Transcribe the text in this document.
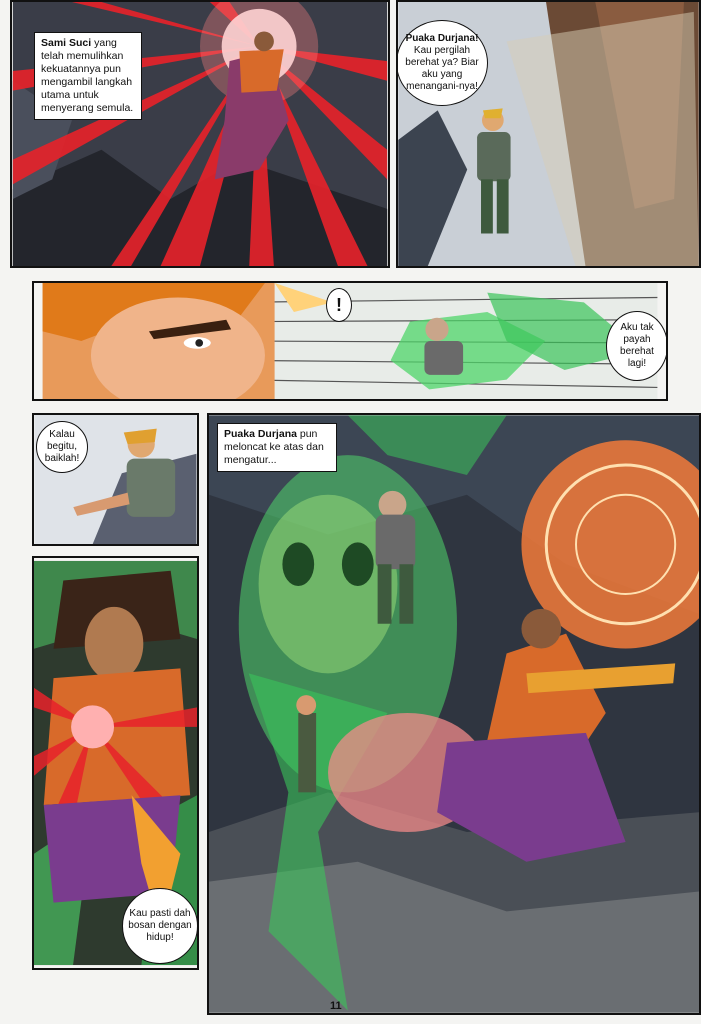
Sami Suci yang telah memulihkan kekuatannya pun mengambil langkah utama untuk menyerang semula.
Puaka Durjana!
Kau pergilah berehat ya? Biar aku yang menangani-nya!
!
Aku tak payah berehat lagi!
Kalau begitu, baiklah!
Puaka Durjana pun meloncat ke atas dan mengatur...
Kau pasti dah bosan dengan hidup!
11
